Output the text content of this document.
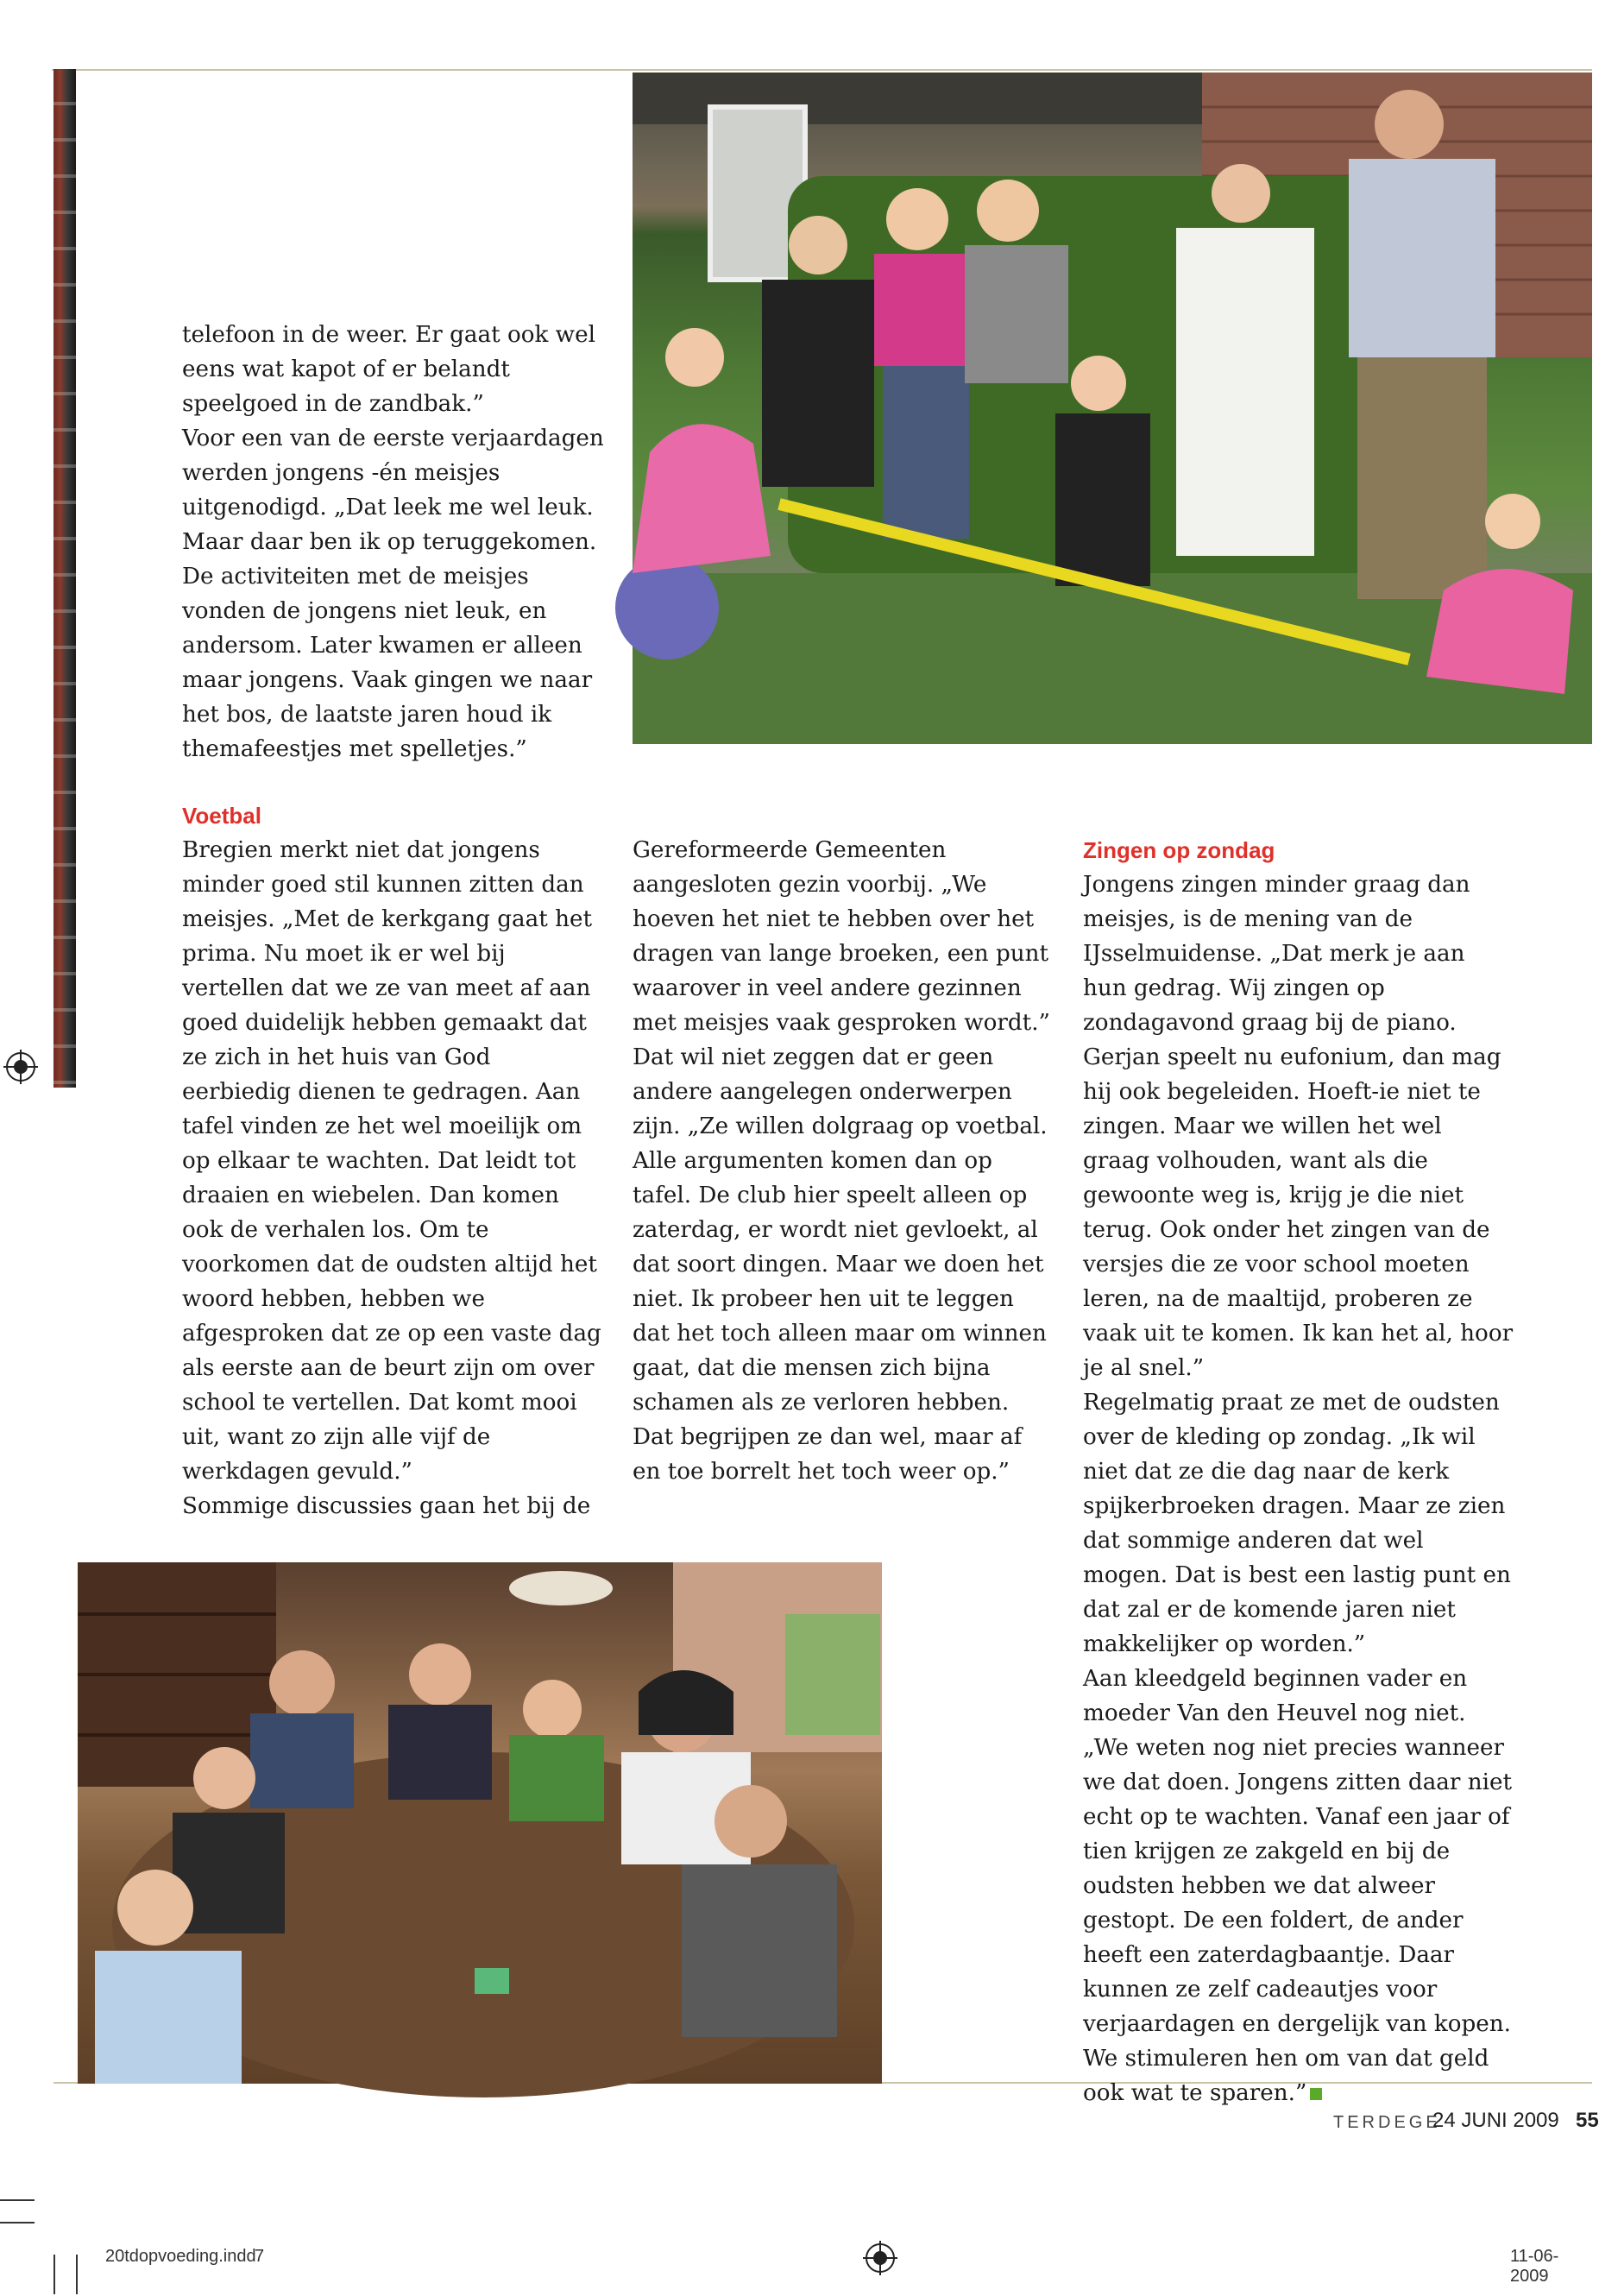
telefoon in de weer. Er gaat ook wel eens wat kapot of er belandt speelgoed in de zandbak.”

Voor een van de eerste verjaardagen werden jongens -én meisjes uitgenodigd. „Dat leek me wel leuk. Maar daar ben ik op teruggekomen. De activiteiten met de meisjes vonden de jongens niet leuk, en andersom. Later kwamen er alleen maar jongens. Vaak gingen we naar het bos, de laatste jaren houd ik themafeestjes met spelletjes.”

Voetbal

Bregien merkt niet dat jongens minder goed stil kunnen zitten dan meisjes. „Met de kerkgang gaat het prima. Nu moet ik er wel bij vertellen dat we ze van meet af aan goed duidelijk hebben gemaakt dat ze zich in het huis van God eerbiedig dienen te gedragen. Aan tafel vinden ze het wel moeilijk om op elkaar te wachten. Dat leidt tot draaien en wiebelen. Dan komen ook de verhalen los. Om te voorkomen dat de oudsten altijd het woord hebben, hebben we afgesproken dat ze op een vaste dag als eerste aan de beurt zijn om over school te vertellen. Dat komt mooi uit, want zo zijn alle vijf de werkdagen gevuld.”

Sommige discussies gaan het bij de

Gereformeerde Gemeenten aangesloten gezin voorbij. „We hoeven het niet te hebben over het dragen van lange broeken, een punt waarover in veel andere gezinnen met meisjes vaak gesproken wordt.” Dat wil niet zeggen dat er geen andere aangelegen onderwerpen zijn. „Ze willen dolgraag op voetbal. Alle argumenten komen dan op tafel. De club hier speelt alleen op zaterdag, er wordt niet gevloekt, al dat soort dingen. Maar we doen het niet. Ik probeer hen uit te leggen dat het toch alleen maar om winnen gaat, dat die mensen zich bijna schamen als ze verloren hebben. Dat begrijpen ze dan wel, maar af en toe borrelt het toch weer op.”

Zingen op zondag

Jongens zingen minder graag dan meisjes, is de mening van de IJsselmuidense. „Dat merk je aan hun gedrag. Wij zingen op zondagavond graag bij de piano. Gerjan speelt nu eufonium, dan mag hij ook begeleiden. Hoeft-ie niet te zingen. Maar we willen het wel graag volhouden, want als die gewoonte weg is, krijg je die niet terug. Ook onder het zingen van de versjes die ze voor school moeten leren, na de maaltijd, proberen ze vaak uit te komen. Ik kan het al, hoor je al snel.”

Regelmatig praat ze met de oudsten over de kleding op zondag. „Ik wil niet dat ze die dag naar de kerk spijkerbroeken dragen. Maar ze zien dat sommige anderen dat wel mogen. Dat is best een lastig punt en dat zal er de komende jaren niet makkelijker op worden.”

Aan kleedgeld beginnen vader en moeder Van den Heuvel nog niet. „We weten nog niet precies wanneer we dat doen. Jongens zitten daar niet echt op te wachten. Vanaf een jaar of tien krijgen ze zakgeld en bij de oudsten hebben we dat alweer gestopt. De een foldert, de ander heeft een zaterdagbaantje. Daar kunnen ze zelf cadeautjes voor verjaardagen en dergelijk van kopen. We stimuleren hen om van dat geld ook wat te sparen.”

TERDEGE
24 JUNI 2009 55
20tdopvoeding.indd
7	11-06-2009
